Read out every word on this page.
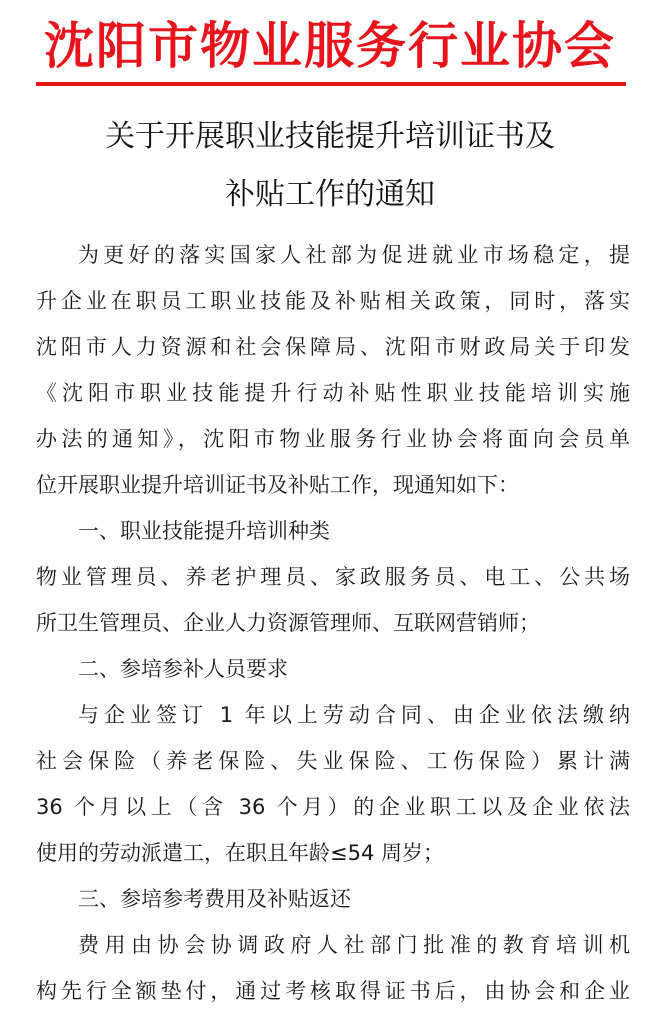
沈阳市物业服务行业协会
关于开展职业技能提升培训证书及
补贴工作的通知
为更好的落实国家人社部为促进就业市场稳定，提
升企业在职员工职业技能及补贴相关政策，同时，落实
沈阳市人力资源和社会保障局、沈阳市财政局关于印发
《沈阳市职业技能提升行动补贴性职业技能培训实施
办法的通知》，沈阳市物业服务行业协会将面向会员单
位开展职业提升培训证书及补贴工作，现通知如下：
一、职业技能提升培训种类
物业管理员、养老护理员、家政服务员、电工、公共场
所卫生管理员、企业人力资源管理师、互联网营销师；
二、参培参补人员要求
与企业签订 1 年以上劳动合同、由企业依法缴纳
社会保险（养老保险、失业保险、工伤保险）累计满
36 个月以上（含 36 个月）的企业职工以及企业依法
使用的劳动派遣工，在职且年龄≤54 周岁；
三、参培参考费用及补贴返还
费用由协会协调政府人社部门批准的教育培训机
构先行全额垫付，通过考核取得证书后，由协会和企业
